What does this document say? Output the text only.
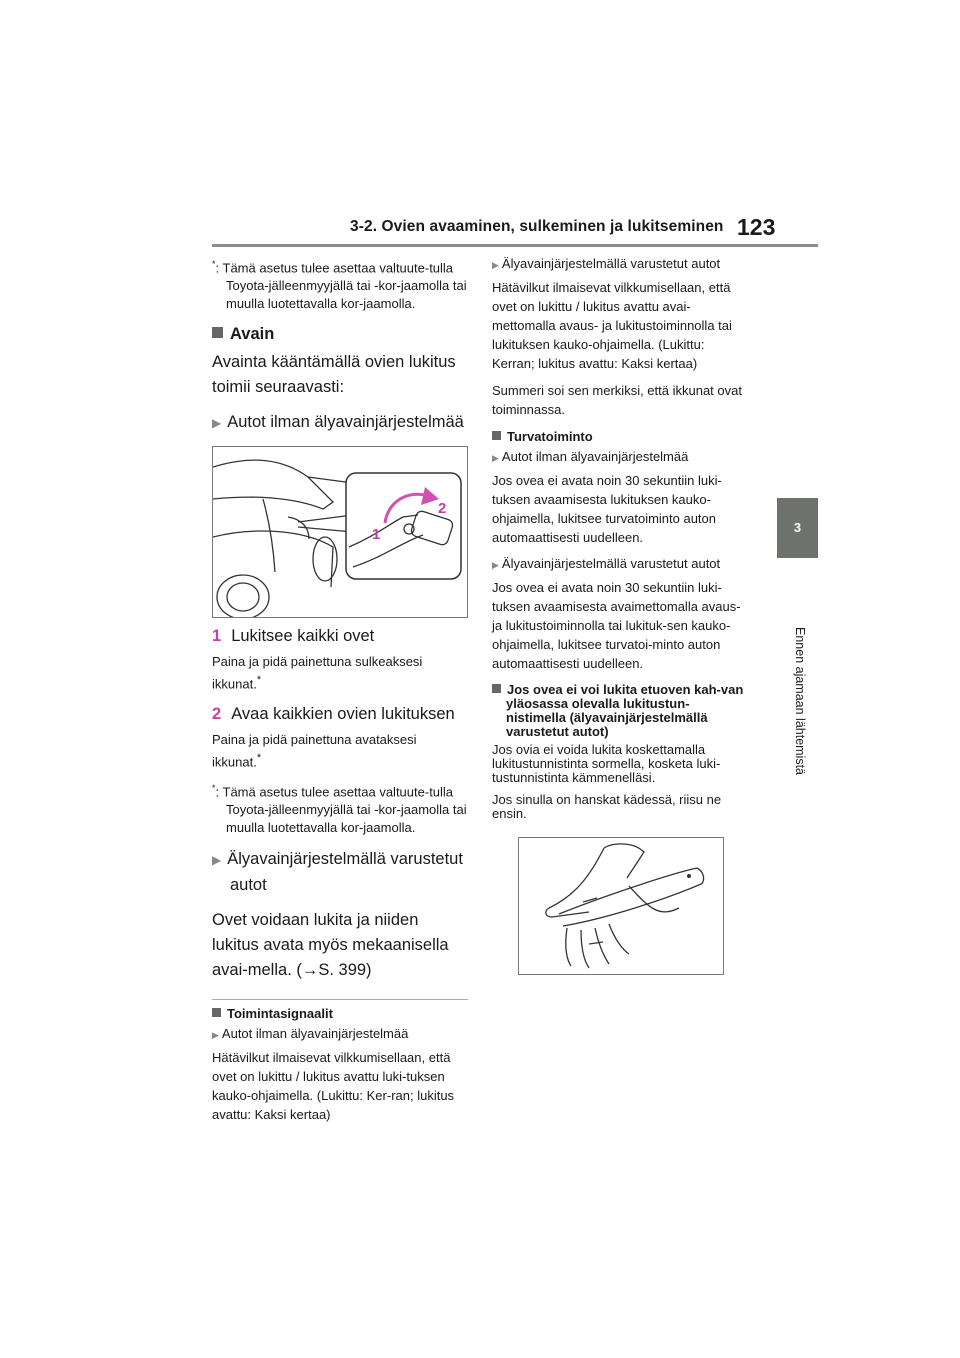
3-2. Ovien avaaminen, sulkeminen ja lukitseminen 123
3
Ennen ajamaan lähtemistä
*: Tämä asetus tulee asettaa valtuute-tulla Toyota-jälleenmyyjällä tai -kor-jaamolla tai muulla luotettavalla kor-jaamolla.
Avain
Avainta kääntämällä ovien lukitus toimii seuraavasti:
▶ Autot ilman älyavainjärjestelmää
2
1
1 Lukitsee kaikki ovet
Paina ja pidä painettuna sulkeaksesi ikkunat.*
2 Avaa kaikkien ovien lukituksen
Paina ja pidä painettuna avataksesi ikkunat.*
*: Tämä asetus tulee asettaa valtuute-tulla Toyota-jälleenmyyjällä tai -kor-jaamolla tai muulla luotettavalla kor-jaamolla.
▶ Älyavainjärjestelmällä varustetut autot
Ovet voidaan lukita ja niiden lukitus avata myös mekaanisella avai-mella. (→S. 399)
Toimintasignaalit
▶ Autot ilman älyavainjärjestelmää
Hätävilkut ilmaisevat vilkkumisellaan, että ovet on lukittu / lukitus avattu luki-tuksen kauko-ohjaimella. (Lukittu: Ker-ran; lukitus avattu: Kaksi kertaa)
▶ Älyavainjärjestelmällä varustetut autot
Hätävilkut ilmaisevat vilkkumisellaan, että ovet on lukittu / lukitus avattu avai-mettomalla avaus- ja lukitustoiminnolla tai lukituksen kauko-ohjaimella. (Lukittu: Kerran; lukitus avattu: Kaksi kertaa)
Summeri soi sen merkiksi, että ikkunat ovat toiminnassa.
Turvatoiminto
▶ Autot ilman älyavainjärjestelmää
Jos ovea ei avata noin 30 sekuntiin luki-tuksen avaamisesta lukituksen kauko-ohjaimella, lukitsee turvatoiminto auton automaattisesti uudelleen.
▶ Älyavainjärjestelmällä varustetut autot
Jos ovea ei avata noin 30 sekuntiin luki-tuksen avaamisesta avaimettomalla avaus- ja lukitustoiminnolla tai lukituk-sen kauko-ohjaimella, lukitsee turvatoi-minto auton automaattisesti uudelleen.
Jos ovea ei voi lukita etuoven kah-van yläosassa olevalla lukitustun-nistimella (älyavainjärjestelmällä varustetut autot)
Jos ovia ei voida lukita koskettamalla lukitustunnistinta sormella, kosketa luki-tustunnistinta kämmenelläsi.
Jos sinulla on hanskat kädessä, riisu ne ensin.
